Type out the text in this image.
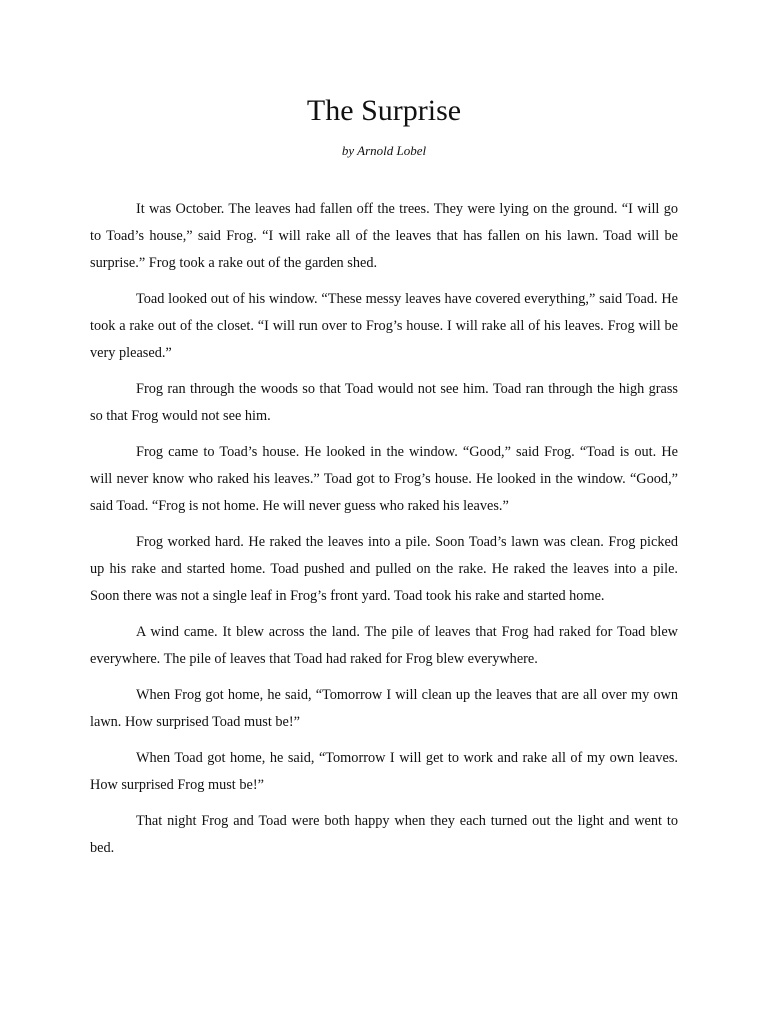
The Surprise

by Arnold Lobel

It was October. The leaves had fallen off the trees. They were lying on the ground. “I will go to Toad’s house,” said Frog. “I will rake all of the leaves that has fallen on his lawn. Toad will be surprise.” Frog took a rake out of the garden shed.

Toad looked out of his window. “These messy leaves have covered everything,” said Toad. He took a rake out of the closet. “I will run over to Frog’s house. I will rake all of his leaves. Frog will be very pleased.”

Frog ran through the woods so that Toad would not see him. Toad ran through the high grass so that Frog would not see him.

Frog came to Toad’s house. He looked in the window. “Good,” said Frog. “Toad is out. He will never know who raked his leaves.” Toad got to Frog’s house. He looked in the window. “Good,” said Toad. “Frog is not home. He will never guess who raked his leaves.”

Frog worked hard. He raked the leaves into a pile. Soon Toad’s lawn was clean. Frog picked up his rake and started home. Toad pushed and pulled on the rake. He raked the leaves into a pile. Soon there was not a single leaf in Frog’s front yard. Toad took his rake and started home.

A wind came. It blew across the land. The pile of leaves that Frog had raked for Toad blew everywhere. The pile of leaves that Toad had raked for Frog blew everywhere.

When Frog got home, he said, “Tomorrow I will clean up the leaves that are all over my own lawn. How surprised Toad must be!”

When Toad got home, he said, “Tomorrow I will get to work and rake all of my own leaves. How surprised Frog must be!”

That night Frog and Toad were both happy when they each turned out the light and went to bed.
